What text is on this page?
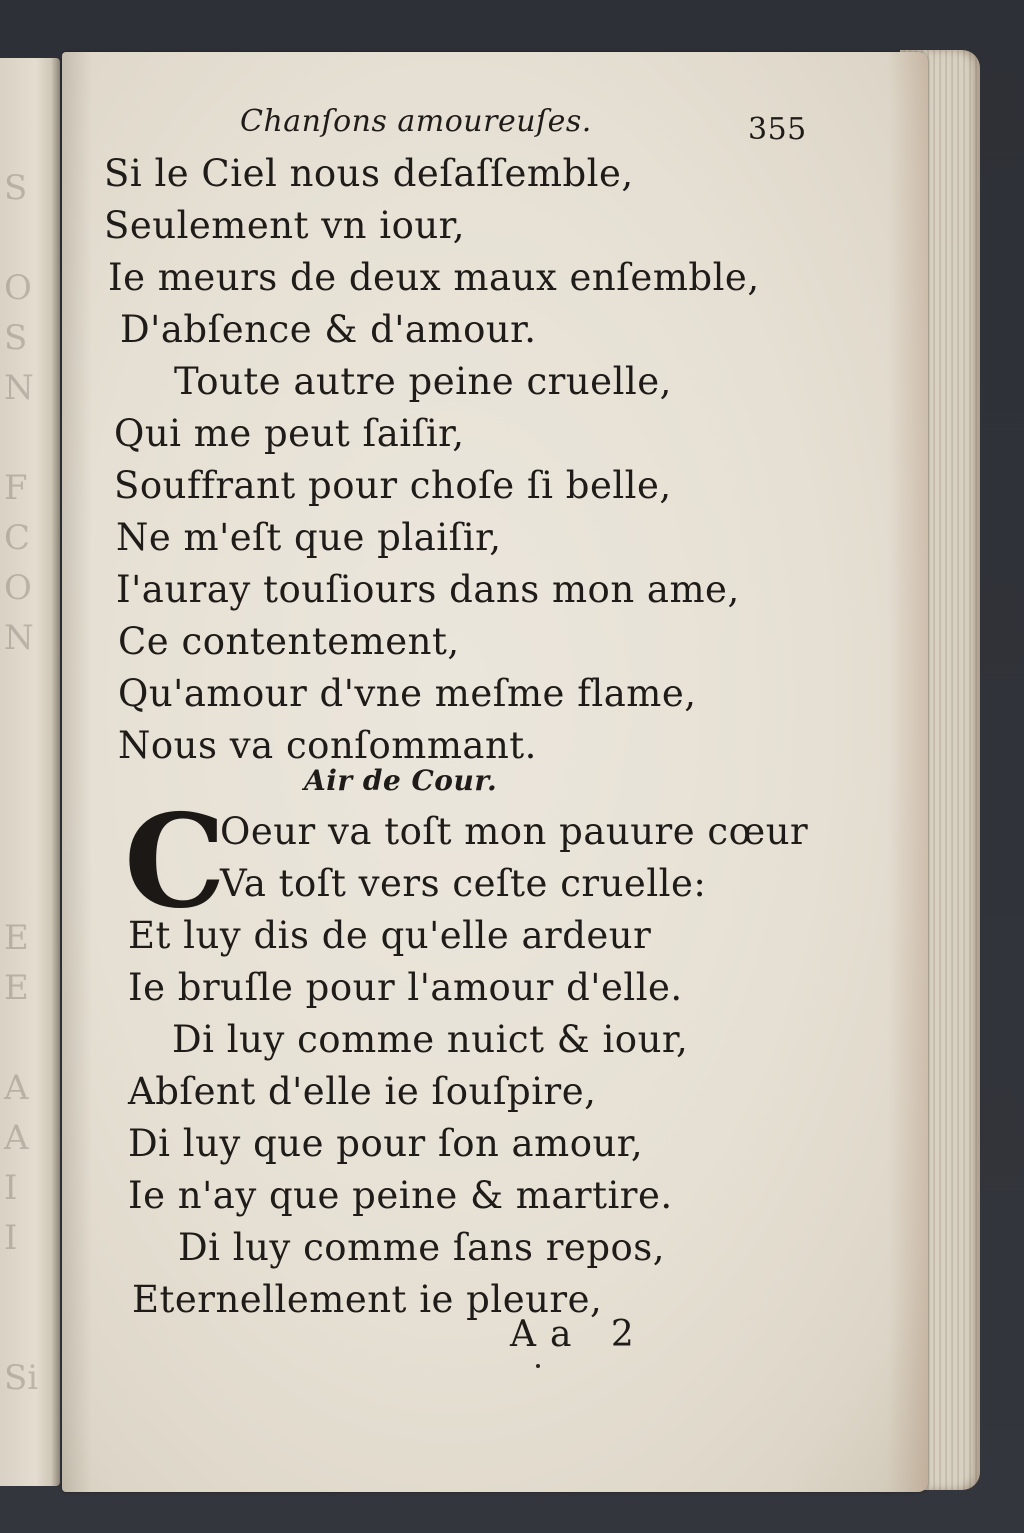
S
O
S
N
F
C
O
N
E
E
A
A
I
I
Si
Chanſons amoureuſes.	355
Si le Ciel nous deſaſſemble,
Seulement vn iour,
Ie meurs de deux maux enſemble,
D'abſence & d'amour.
Toute autre peine cruelle,
Qui me peut ſaiſir,
Souffrant pour choſe ſi belle,
Ne m'eſt que plaiſir,
I'auray touſiours dans mon ame,
Ce contentement,
Qu'amour d'vne meſme flame,
Nous va conſommant.
Air de Cour.
C
Oeur va toſt mon pauure cœur
Va toſt vers ceſte cruelle:
Et luy dis de qu'elle ardeur
Ie bruſle pour l'amour d'elle.
Di luy comme nuict & iour,
Abſent d'elle ie ſouſpire,
Di luy que pour ſon amour,
Ie n'ay que peine & martire.
Di luy comme ſans repos,
Eternellement ie pleure,
Aa 2
